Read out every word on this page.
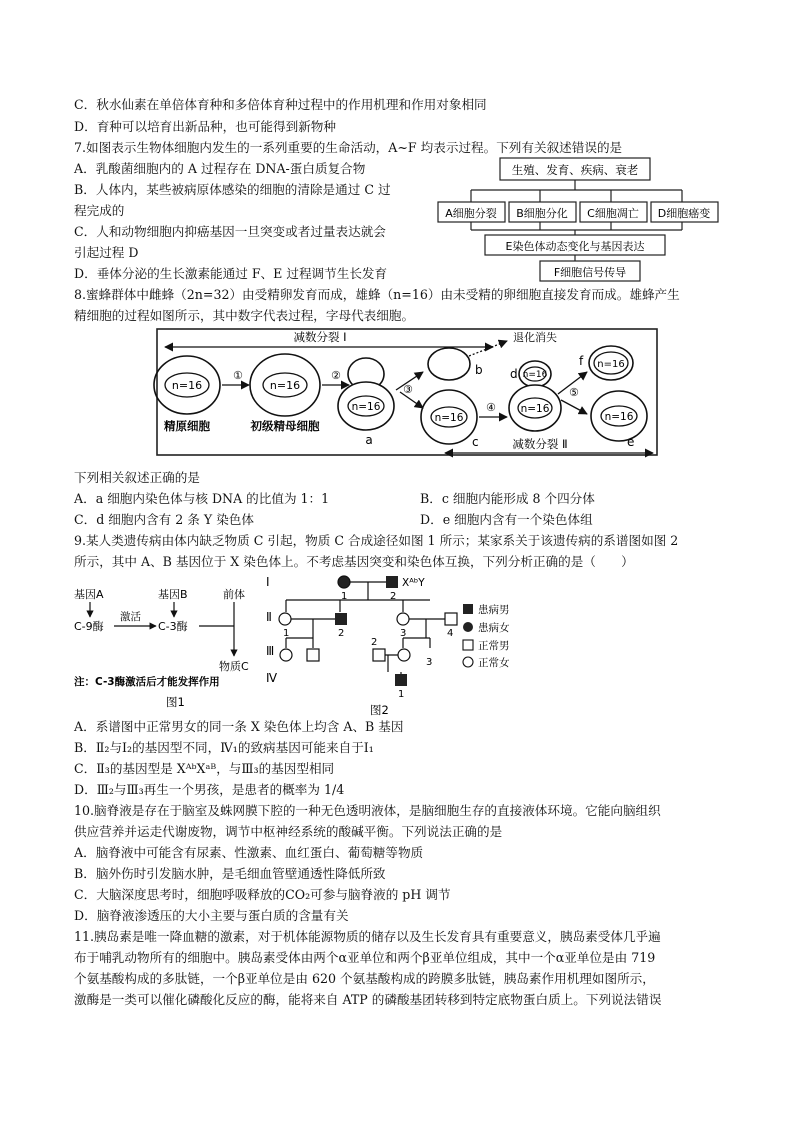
C．秋水仙素在单倍体育种和多倍体育种过程中的作用机理和作用对象相同
D．育种可以培育出新品种，也可能得到新物种
7.如图表示生物体细胞内发生的一系列重要的生命活动，A~F 均表示过程。下列有关叙述错误的是
A．乳酸菌细胞内的 A 过程存在 DNA-蛋白质复合物
B．人体内，某些被病原体感染的细胞的清除是通过 C 过
程完成的
C．人和动物细胞内抑癌基因一旦突变或者过量表达就会
引起过程 D
D．垂体分泌的生长激素能通过 F、E 过程调节生长发育
8.蜜蜂群体中雌蜂（2n=32）由受精卵发育而成，雄蜂（n=16）由未受精的卵细胞直接发育而成。雄蜂产生
精细胞的过程如图所示，其中数字代表过程，字母代表细胞。
下列相关叙述正确的是
A．a 细胞内染色体与核 DNA 的比值为 1：1	B．c 细胞内能形成 8 个四分体
C．d 细胞内含有 2 条 Y 染色体	D．e 细胞内含有一个染色体组
9.某人类遗传病由体内缺乏物质 C 引起，物质 C 合成途径如图 1 所示；某家系关于该遗传病的系谱图如图 2
所示，其中 A、B 基因位于 X 染色体上。不考虑基因突变和染色体互换，下列分析正确的是（　　）
A．系谱图中正常男女的同一条 X 染色体上均含 A、B 基因
B．Ⅱ₂与Ⅰ₂的基因型不同，Ⅳ₁的致病基因可能来自于Ⅰ₁
C．Ⅱ₃的基因型是 XᴬᵇXᵃᴮ，与Ⅲ₃的基因型相同
D．Ⅲ₂与Ⅲ₃再生一个男孩，是患者的概率为 1/4
10.脑脊液是存在于脑室及蛛网膜下腔的一种无色透明液体，是脑细胞生存的直接液体环境。它能向脑组织
供应营养并运走代谢废物，调节中枢神经系统的酸碱平衡。下列说法正确的是
A．脑脊液中可能含有尿素、性激素、血红蛋白、葡萄糖等物质
B．脑外伤时引发脑水肿，是毛细血管壁通透性降低所致
C．大脑深度思考时，细胞呼吸释放的CO₂可参与脑脊液的 pH 调节
D．脑脊液渗透压的大小主要与蛋白质的含量有关
11.胰岛素是唯一降血糖的激素，对于机体能源物质的储存以及生长发育具有重要意义，胰岛素受体几乎遍
布于哺乳动物所有的细胞中。胰岛素受体由两个α亚单位和两个β亚单位组成，其中一个α亚单位是由 719
个氨基酸构成的多肽链，一个β亚单位是由 620 个氨基酸构成的跨膜多肽链，胰岛素作用机理如图所示，
激酶是一类可以催化磷酸化反应的酶，能将来自 ATP 的磷酸基团转移到特定底物蛋白质上。下列说法错误
生殖、发育、疾病、衰老
A细胞分裂 B细胞分化 C细胞凋亡 D细胞癌变
E染色体动态变化与基因表达
F细胞信号传导
减数分裂 Ⅰ
n=16
①
n=16
②
n=16
a
③
b
退化消失
n=16
c
④
n=16
n=16
d
⑤
n=16
f
n=16
e
精原细胞	初级精母细胞
减数分裂 Ⅱ
基因A	基因B	前体
C-9酶
激活
C-3酶
物质C
注：C-3酶激活后才能发挥作用
图1
Ⅰ
Ⅱ
Ⅲ
Ⅳ
1	2
XᴬᵇY
1	2	3	4
2
3
1
图2
患病男
患病女
正常男
正常女
